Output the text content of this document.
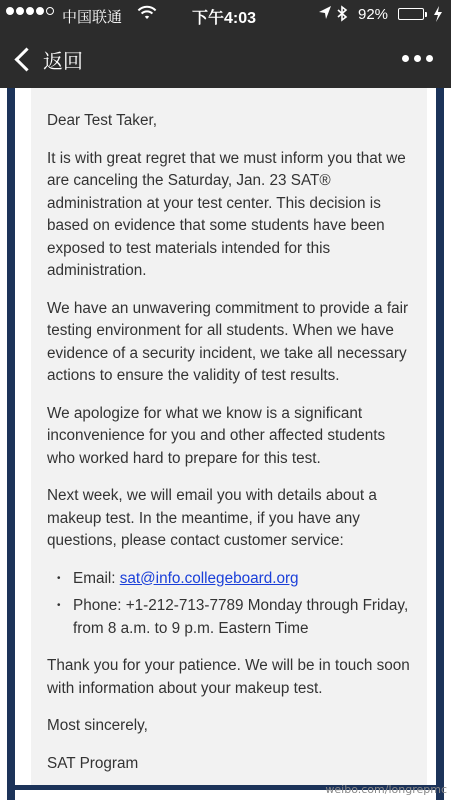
中国联通	下午4:03	92%
返回

Dear Test Taker,

It is with great regret that we must inform you that we are canceling the Saturday, Jan. 23 SAT® administration at your test center. This decision is based on evidence that some students have been exposed to test materials intended for this administration.

We have an unwavering commitment to provide a fair testing environment for all students. When we have evidence of a security incident, we take all necessary actions to ensure the validity of test results.

We apologize for what we know is a significant inconvenience for you and other affected students who worked hard to prepare for this test.

Next week, we will email you with details about a makeup test. In the meantime, if you have any questions, please contact customer service:

• Email: sat@info.collegeboard.org
• Phone: +1-212-713-7789 Monday through Friday, from 8 a.m. to 9 p.m. Eastern Time

Thank you for your patience. We will be in touch soon with information about your makeup test.

Most sincerely,

SAT Program

weibo.com/longrepmc
